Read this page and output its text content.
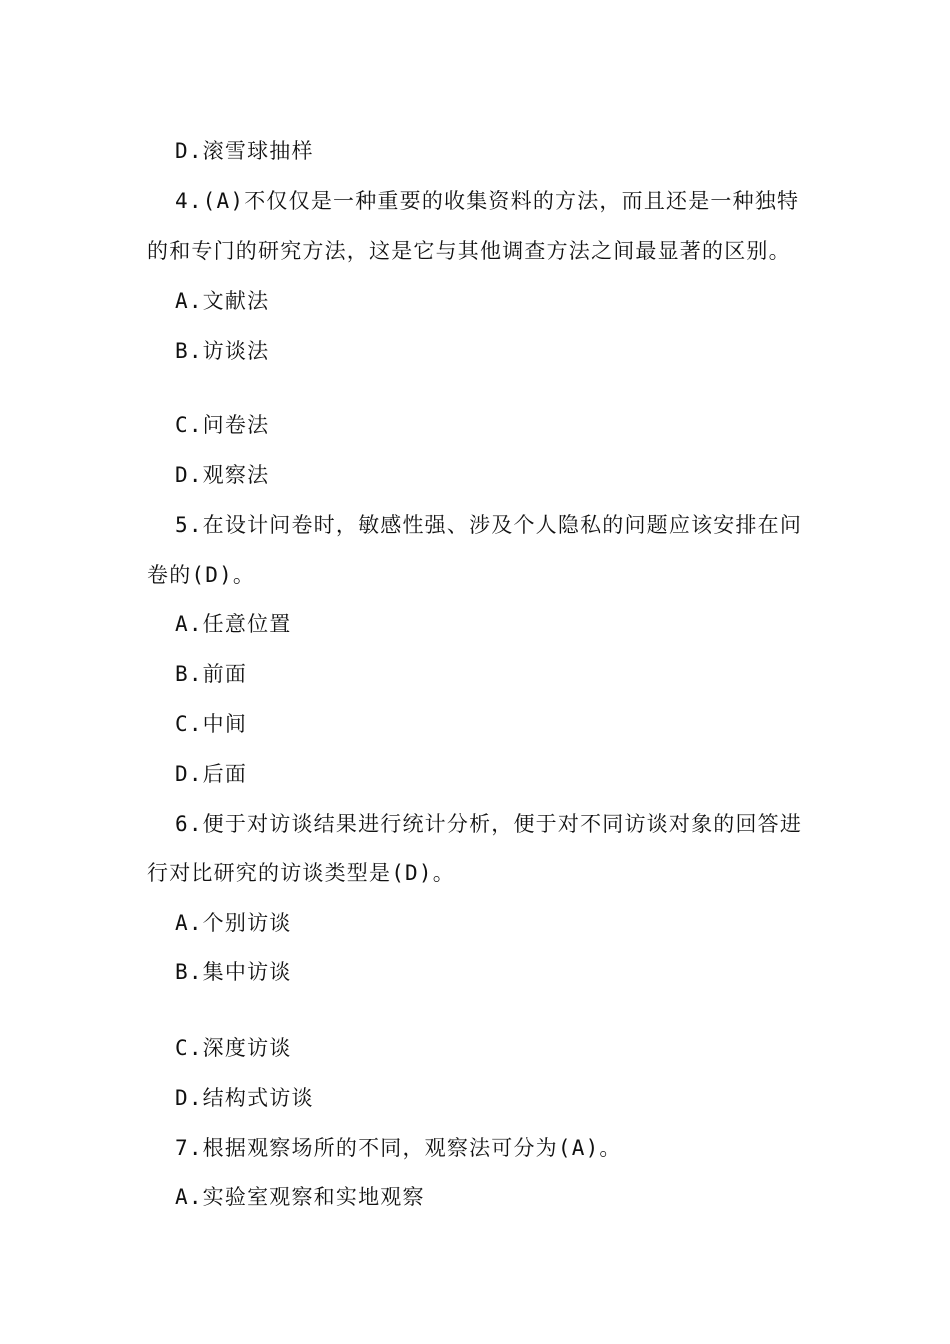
D.滚雪球抽样
4.(A)不仅仅是一种重要的收集资料的方法，而且还是一种独特
的和专门的研究方法，这是它与其他调查方法之间最显著的区别。
A.文献法
B.访谈法
C.问卷法
D.观察法
5.在设计问卷时，敏感性强、涉及个人隐私的问题应该安排在问
卷的(D)。
A.任意位置
B.前面
C.中间
D.后面
6.便于对访谈结果进行统计分析，便于对不同访谈对象的回答进
行对比研究的访谈类型是(D)。
A.个别访谈
B.集中访谈
C.深度访谈
D.结构式访谈
7.根据观察场所的不同，观察法可分为(A)。
A.实验室观察和实地观察
